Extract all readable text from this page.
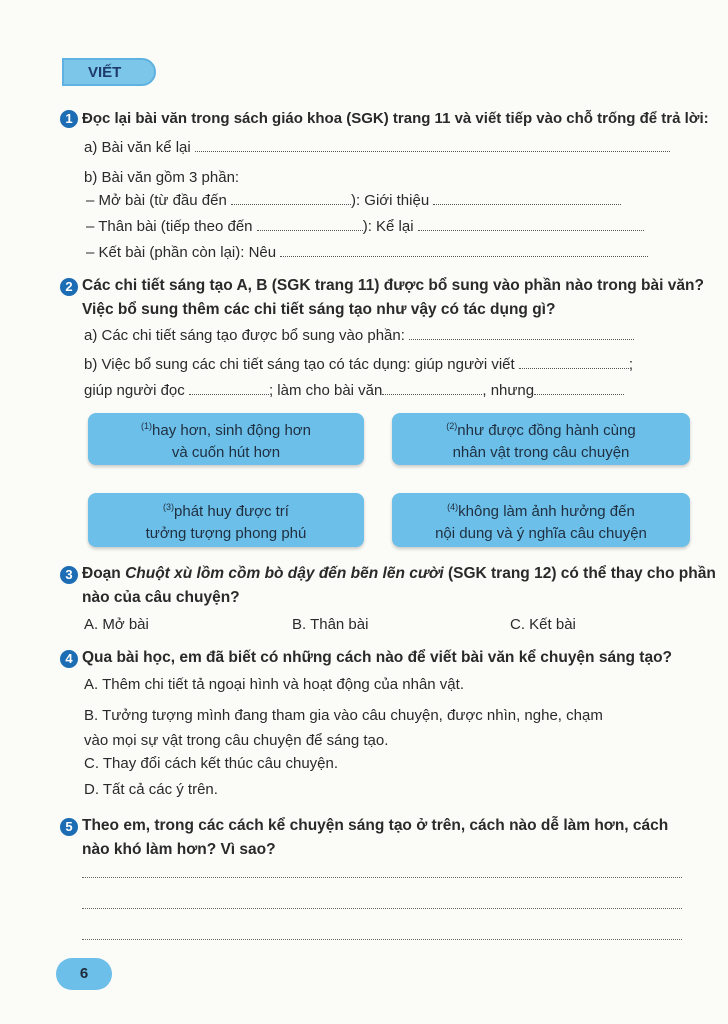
VIẾT
1 Đọc lại bài văn trong sách giáo khoa (SGK) trang 11 và viết tiếp vào chỗ trống để trả lời:
a) Bài văn kể lại
b) Bài văn gồm 3 phần:
– Mở bài (từ đầu đến	): Giới thiệu
– Thân bài (tiếp theo đến	): Kể lại
– Kết bài (phần còn lại): Nêu
2 Các chi tiết sáng tạo A, B (SGK trang 11) được bổ sung vào phần nào trong bài văn?
Việc bổ sung thêm các chi tiết sáng tạo như vậy có tác dụng gì?
a) Các chi tiết sáng tạo được bổ sung vào phần:
b) Việc bổ sung các chi tiết sáng tạo có tác dụng: giúp người viết	;
giúp người đọc	; làm cho bài văn	, nhưng
$^{(1)}$hay hơn, sinh động hơn
và cuốn hút hơn
$^{(2)}$như được đồng hành cùng
nhân vật trong câu chuyện
$^{(3)}$phát huy được trí
tưởng tượng phong phú
$^{(4)}$không làm ảnh hưởng đến
nội dung và ý nghĩa câu chuyện
3 Đoạn Chuột xù lồm cồm bò dậy đến bẽn lẽn cười (SGK trang 12) có thể thay cho phần
nào của câu chuyện?
A. Mở bài	B. Thân bài	C. Kết bài
4 Qua bài học, em đã biết có những cách nào để viết bài văn kể chuyện sáng tạo?
A. Thêm chi tiết tả ngoại hình và hoạt động của nhân vật.
B. Tưởng tượng mình đang tham gia vào câu chuyện, được nhìn, nghe, chạm
vào mọi sự vật trong câu chuyện để sáng tạo.
C. Thay đổi cách kết thúc câu chuyện.
D. Tất cả các ý trên.
5 Theo em, trong các cách kể chuyện sáng tạo ở trên, cách nào dễ làm hơn, cách
nào khó làm hơn? Vì sao?
6
